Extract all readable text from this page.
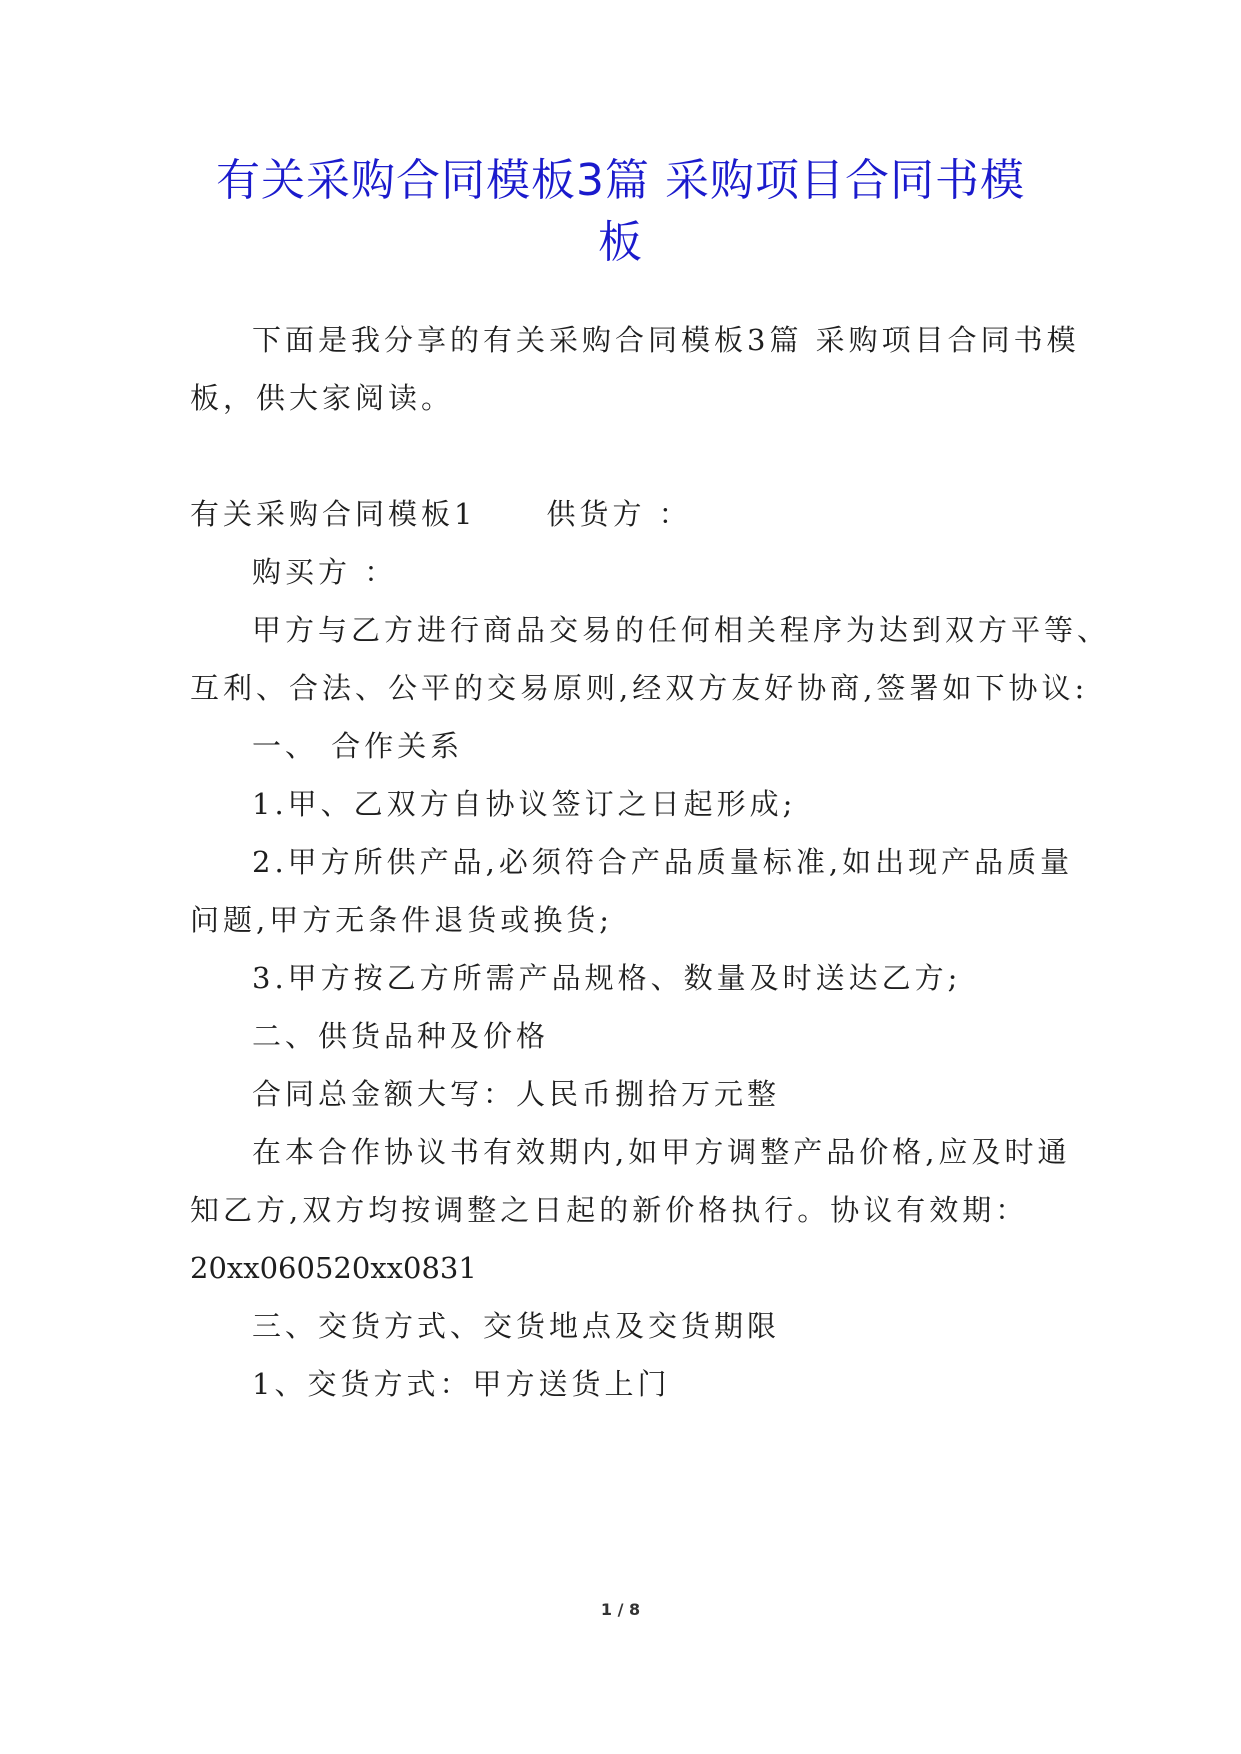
有关采购合同模板3篇 采购项目合同书模
板
下面是我分享的有关采购合同模板3篇 采购项目合同书模
板，供大家阅读。
有关采购合同模板1 供货方 ：
购买方 ：
甲方与乙方进行商品交易的任何相关程序为达到双方平等、
互利、合法、公平的交易原则,经双方友好协商,签署如下协议:
一、 合作关系
1.甲、乙双方自协议签订之日起形成;
2.甲方所供产品,必须符合产品质量标准,如出现产品质量
问题,甲方无条件退货或换货;
3.甲方按乙方所需产品规格、数量及时送达乙方;
二、供货品种及价格
合同总金额大写：人民币捌拾万元整
在本合作协议书有效期内,如甲方调整产品价格,应及时通
知乙方,双方均按调整之日起的新价格执行。协议有效期：
20xx060520xx0831
三、交货方式、交货地点及交货期限
1、交货方式：甲方送货上门
1 / 8
